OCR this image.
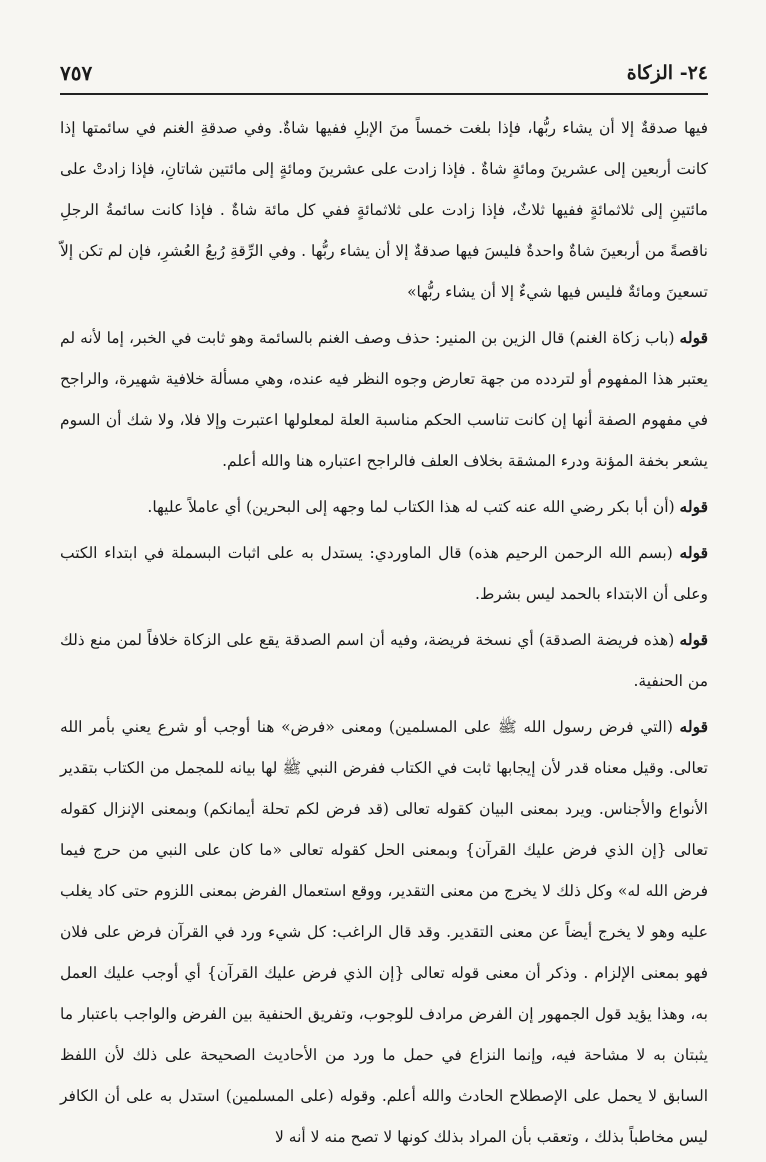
٢٤- الزكاة
٧٥٧

فيها صدقةٌ إلا أن يشاء ربُّها، فإذا بلغت خمساً منَ الإبلِ ففيها شاةٌ. وفي صدقةِ الغنم في سائمتها إذا كانت أربعين إلى عشرينَ ومائةٍ شاةٌ . فإذا زادت على عشرينَ ومائةٍ إلى مائتين شاتانِ، فإذا زادتْ على مائتينِ إلى ثلاثمائةٍ ففيها ثلاثٌ، فإذا زادت على ثلاثمائةٍ ففي كل مائة شاةٌ . فإذا كانت سائمةُ الرجلِ ناقصةً من أربعينَ شاةٌ واحدةٌ فليسَ فيها صدقةٌ إلا أن يشاء ربُّها . وفي الرِّقةِ رُبعُ العُشرِ، فإن لم تكن إلاّ تسعينَ ومائةٌ فليس فيها شيءٌ إلا أن يشاء ربُّها»

قوله (باب زكاة الغنم) قال الزين بن المنير: حذف وصف الغنم بالسائمة وهو ثابت في الخبر، إما لأنه لم يعتبر هذا المفهوم أو لتردده من جهة تعارض وجوه النظر فيه عنده، وهي مسألة خلافية شهيرة، والراجح في مفهوم الصفة أنها إن كانت تناسب الحكم مناسبة العلة لمعلولها اعتبرت وإلا فلا، ولا شك أن السوم يشعر بخفة المؤنة ودرء المشقة بخلاف العلف فالراجح اعتباره هنا والله أعلم.

قوله (أن أبا بكر رضي الله عنه كتب له هذا الكتاب لما وجهه إلى البحرين) أي عاملاً عليها.

قوله (بسم الله الرحمن الرحيم هذه) قال الماوردي: يستدل به على اثبات البسملة في ابتداء الكتب وعلى أن الابتداء بالحمد ليس بشرط.

قوله (هذه فريضة الصدقة) أي نسخة فريضة، وفيه أن اسم الصدقة يقع على الزكاة خلافاً لمن منع ذلك من الحنفية.

قوله (التي فرض رسول الله ﷺ على المسلمين) ومعنى «فرض» هنا أوجب أو شرع يعني بأمر الله تعالى. وقيل معناه قدر لأن إيجابها ثابت في الكتاب ففرض النبي ﷺ لها بيانه للمجمل من الكتاب بتقدير الأنواع والأجناس. ويرد بمعنى البيان كقوله تعالى (قد فرض لكم تحلة أيمانكم) وبمعنى الإنزال كقوله تعالى {إن الذي فرض عليك القرآن} وبمعنى الحل كقوله تعالى «ما كان على النبي من حرج فيما فرض الله له» وكل ذلك لا يخرج من معنى التقدير، ووقع استعمال الفرض بمعنى اللزوم حتى كاد يغلب عليه وهو لا يخرج أيضاً عن معنى التقدير. وقد قال الراغب: كل شيء ورد في القرآن فرض على فلان فهو بمعنى الإلزام . وذكر أن معنى قوله تعالى {إن الذي فرض عليك القرآن} أي أوجب عليك العمل به، وهذا يؤيد قول الجمهور إن الفرض مرادف للوجوب، وتفريق الحنفية بين الفرض والواجب باعتبار ما يثبتان به لا مشاحة فيه، وإنما النزاع في حمل ما ورد من الأحاديث الصحيحة على ذلك لأن اللفظ السابق لا يحمل على الإصطلاح الحادث والله أعلم. وقوله (على المسلمين) استدل به على أن الكافر ليس مخاطباً بذلك ، وتعقب بأن المراد بذلك كونها لا تصح منه لا أنه لا
